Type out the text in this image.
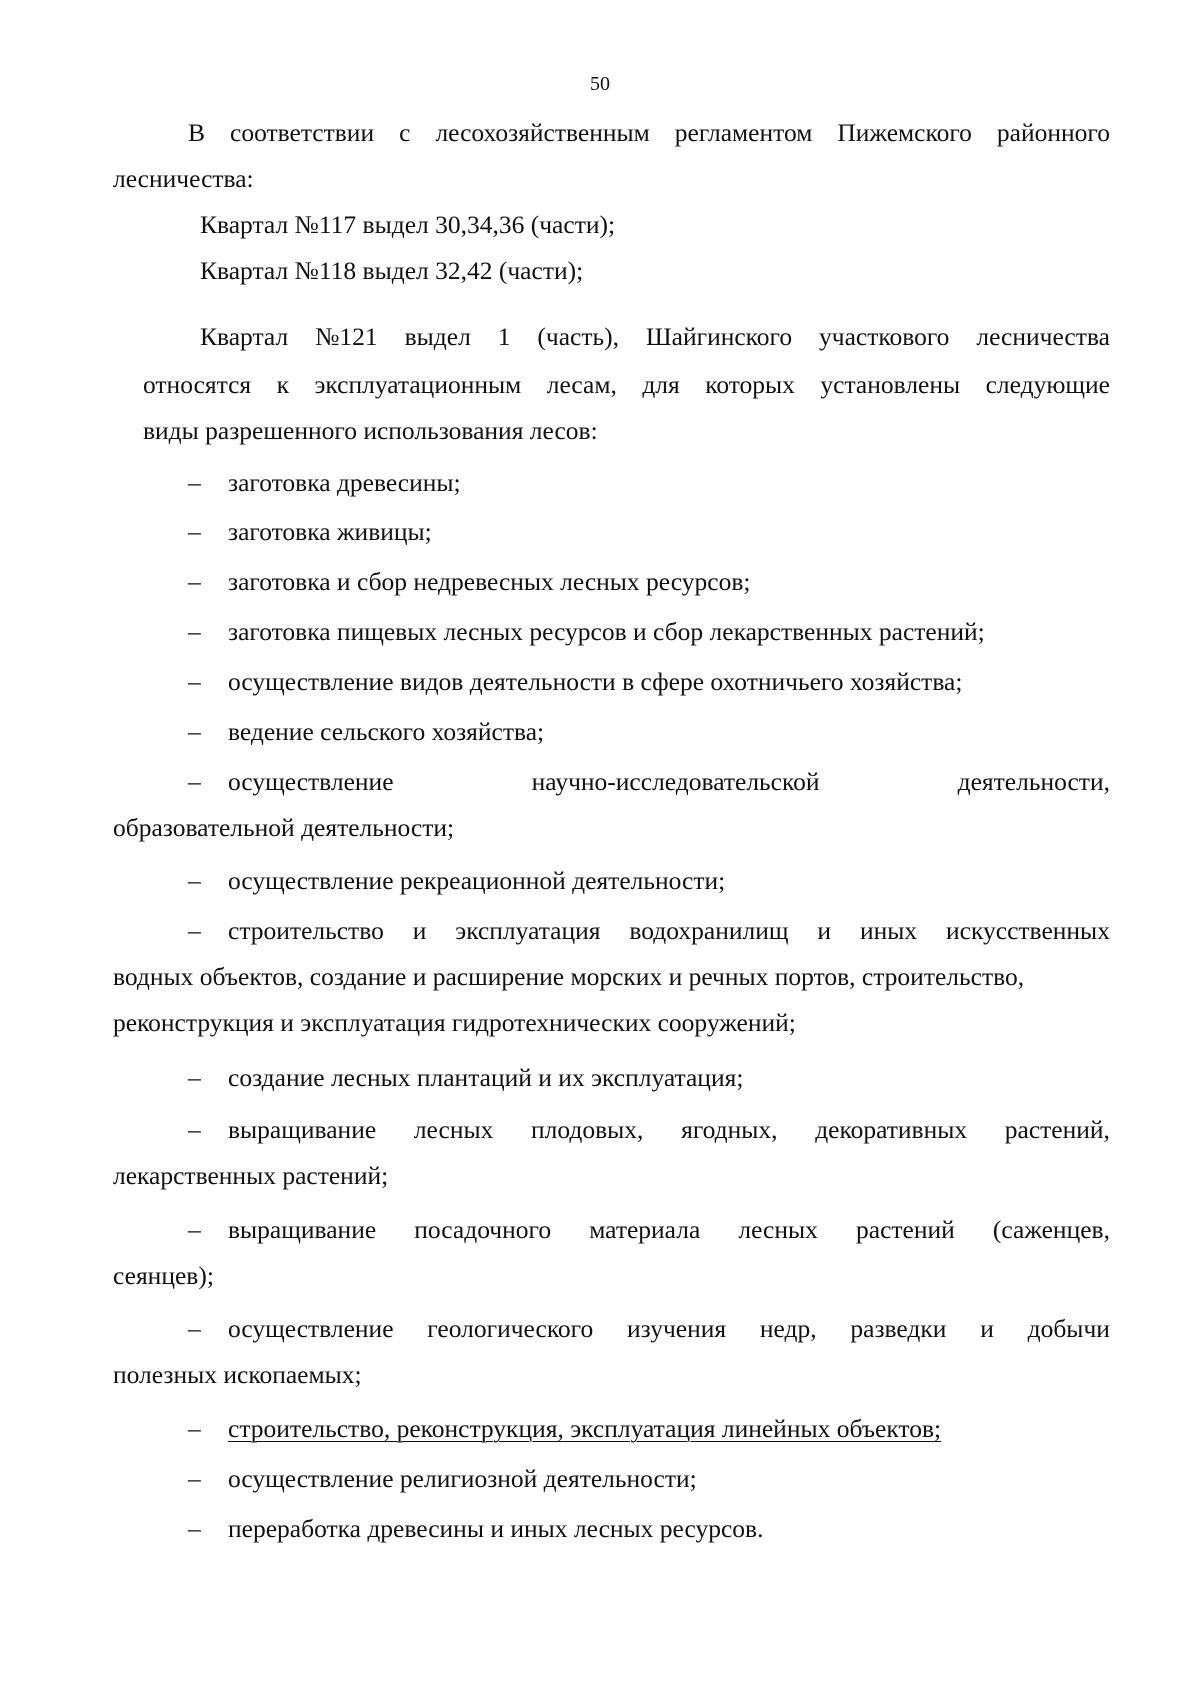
50
В соответствии с лесохозяйственным регламентом Пижемского районного
лесничества:
Квартал №117 выдел 30,34,36 (части);
Квартал №118 выдел 32,42 (части);
Квартал №121 выдел 1 (часть), Шайгинского участкового лесничества
относятся к эксплуатационным лесам, для которых установлены следующие
виды разрешенного использования лесов:
– заготовка древесины;
– заготовка живицы;
– заготовка и сбор недревесных лесных ресурсов;
– заготовка пищевых лесных ресурсов и сбор лекарственных растений;
– осуществление видов деятельности в сфере охотничьего хозяйства;
– ведение сельского хозяйства;
– осуществление	научно-исследовательской	деятельности,
образовательной деятельности;
– осуществление рекреационной деятельности;
– строительство и эксплуатация водохранилищ и иных искусственных
водных объектов, создание и расширение морских и речных портов, строительство,
реконструкция и эксплуатация гидротехнических сооружений;
– создание лесных плантаций и их эксплуатация;
– выращивание лесных плодовых, ягодных, декоративных растений,
лекарственных растений;
– выращивание посадочного материала лесных растений (саженцев,
сеянцев);
– осуществление геологического изучения недр, разведки и добычи
полезных ископаемых;
– строительство, реконструкция, эксплуатация линейных объектов;
– осуществление религиозной деятельности;
– переработка древесины и иных лесных ресурсов.
